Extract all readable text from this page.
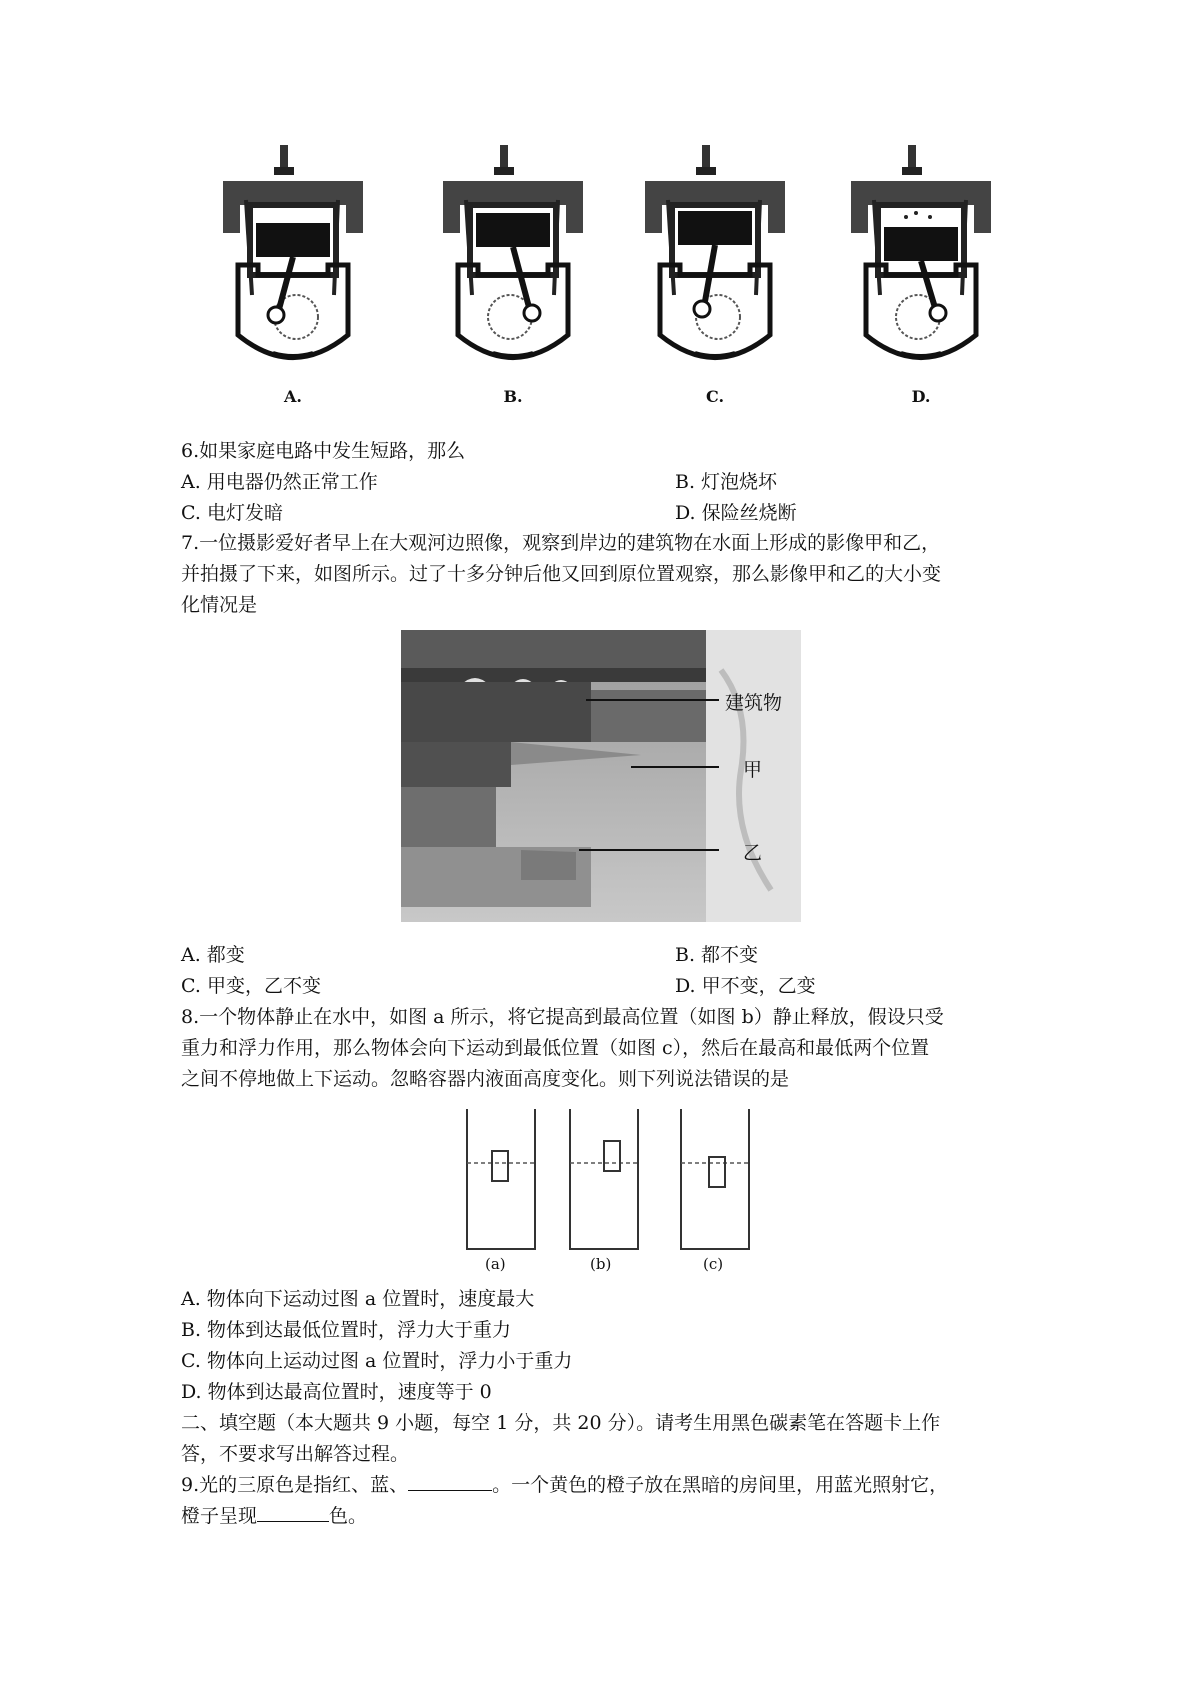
A.	B.	C.	D.
6.如果家庭电路中发生短路，那么
A. 用电器仍然正常工作	B. 灯泡烧坏
C. 电灯发暗	D. 保险丝烧断
7.一位摄影爱好者早上在大观河边照像，观察到岸边的建筑物在水面上形成的影像甲和乙，
并拍摄了下来，如图所示。过了十多分钟后他又回到原位置观察，那么影像甲和乙的大小变
化情况是
建筑物
甲
乙
A. 都变	B. 都不变
C. 甲变，乙不变	D. 甲不变，乙变
8.一个物体静止在水中，如图 a 所示，将它提高到最高位置（如图 b）静止释放，假设只受
重力和浮力作用，那么物体会向下运动到最低位置（如图 c），然后在最高和最低两个位置
之间不停地做上下运动。忽略容器内液面高度变化。则下列说法错误的是
(a)	(b)	(c)
A. 物体向下运动过图 a 位置时，速度最大
B. 物体到达最低位置时，浮力大于重力
C. 物体向上运动过图 a 位置时，浮力小于重力
D. 物体到达最高位置时，速度等于 0
二、填空题（本大题共 9 小题，每空 1 分，共 20 分）。请考生用黑色碳素笔在答题卡上作
答，不要求写出解答过程。
9.光的三原色是指红、蓝、	。一个黄色的橙子放在黑暗的房间里，用蓝光照射它，
橙子呈现	色。
